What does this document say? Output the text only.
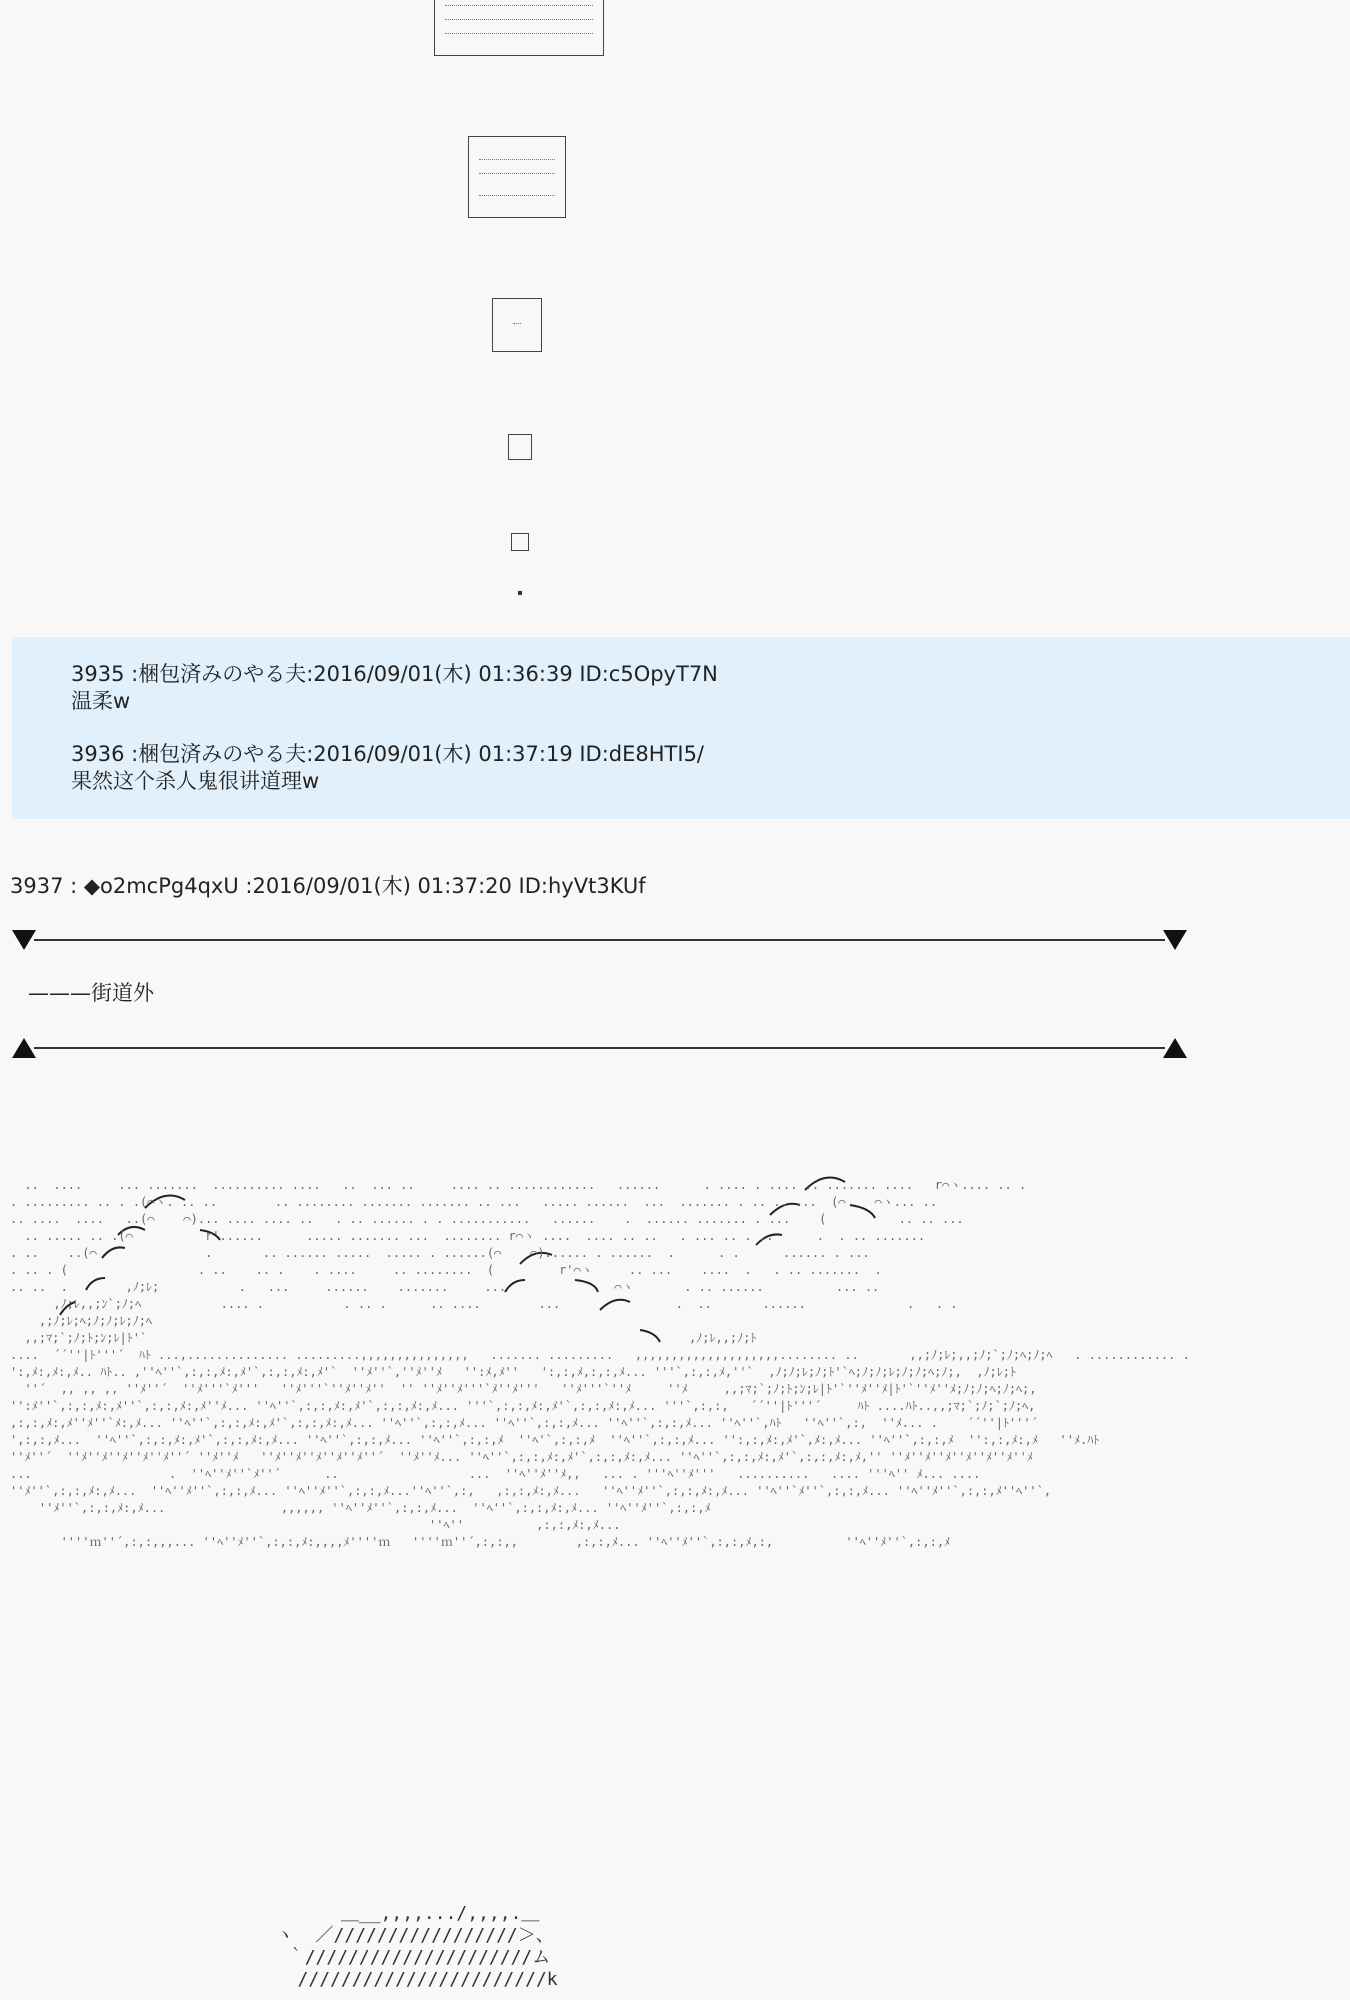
3935 :梱包済みのやる夫:2016/09/01(木) 01:36:39 ID:c5OpyT7N
温柔w
3936 :梱包済みのやる夫:2016/09/01(木) 01:37:19 ID:dE8HTI5/
果然这个杀人鬼很讲道理w
3937 : ◆o2mcPg4qxU :2016/09/01(木) 01:37:20 ID:hyVt3KUf
———街道外
..  ....     ... .......  .......... ....   ..  ... ..     .... .. ............   ......      . .... . .... .. ....... ....   r⌒ヽ.... .. .
. ......... .. . .(⌒ヽ. .. ..        .. ........ ....... ....... .. ...   ..... ......  ...  ....... . .. .. ...  (⌒    ⌒ヽ... ..
.. ....  ....   ..(⌒    ⌒)... .... .... ..   . .. ...... . . ...........   ......    .  ...... ....... . ...    (          .. .. ...
.. ..... .. .(⌒          r'......      ..... ....... ...  ........ r⌒ヽ ....  .... .. ..   . ... .. . ..      .  . .. .......
. ..    ..(⌒               .       .. ...... .....  ..... . ......(⌒    ⌒)...... . ......  .      . .      ...... . ...
. .. . (                  . ..    .. .    . ....     .. ........  (         r'⌒ヽ     .. ...    ....  .   . .. .......  .
.. ..  .        ,ﾉ;ﾚ;           .   ...     ......    .......     ...               ⌒ヽ       . .. ......          ... ..
,ﾉ;ﾚ,,;ﾝ`;ﾉ;ﾍ           .... .           . .. .      .. ....        ...                .  ..       ......              .   . .
,;ﾉ;ﾚ;ﾍ;ﾉ;ﾉ;ﾚ;ﾉ;ﾍ
,,;ﾏ;`;ﾉ;ﾄ;ﾝ;ﾚ|ﾄ'`                                                                           ,ﾉ;ﾚ,,;ﾉ;ﾄ
....  ´´''|ﾄ'''´  ﾊﾄ ...,.............. .........,,,,,,,,,,,,,,,   ....... .........   ,,,,,,,,,,,,,,,,,,,,........ ..       ,,;ﾉ;ﾚ;,,;ﾉ;`;ﾉ;ﾍ;ﾉ;ﾍ   . ............ .
':,ﾒ:,ﾒ:,ﾒ.. ﾊﾄ.. ,''ﾍ''`,:,:,ﾒ:,ﾒ'`,:,:,ﾒ:,ﾒ'`  ''ﾒ''`,''ﾒ''ﾒ   '':ﾒ,ﾒ''   ':,:,ﾒ,:,:,ﾒ... '''`,:,:,ﾒ,''`  ,ﾉ;ﾉ;ﾚ;ﾉ;ﾄ'`ﾍ;ﾉ;ﾉ;ﾚ;ﾉ;ﾉ;ﾍ;ﾉ;,  ,ﾉ;ﾚ;ﾄ
''´  ,, ,, ,, ''ﾒ''´  ''ﾒ'''`ﾒ'''   ''ﾒ'''`''ﾒ''ﾒ''  '' ''ﾒ''ﾒ'''`ﾒ''ﾒ'''   ''ﾒ'''`''ﾒ     ''ﾒ     ,,;ﾏ;`;ﾉ;ﾄ;ﾝ;ﾚ|ﾄ'`''ﾒ''ﾒ|ﾄ'`''ﾒ''ﾒ;ﾉ;ﾉ;ﾍ;ﾉ;ﾍ;,
'':ﾒ''`,:,:,ﾒ:,ﾒ''`,:,:,ﾒ:,ﾒ''ﾒ... ''ﾍ''`,:,:,ﾒ:,ﾒ'`,:,:,ﾒ:,ﾒ... '''`,:,:,ﾒ:,ﾒ'`,:,:,ﾒ:,ﾒ... '''`,:,:,   ´´''|ﾄ'''´     ﾊﾄ ....ﾊﾄ..,,;ﾏ;`;ﾉ;`;ﾉ;ﾍ,
,:,:,ﾒ:,ﾒ''ﾒ''`ﾒ:,ﾒ... ''ﾍ''`,:,:,ﾒ:,ﾒ'`,:,:,ﾒ:,ﾒ... ''ﾍ''`,:,:,ﾒ... ''ﾍ''`,:,:,ﾒ... ''ﾍ''`,:,:,ﾒ... ''ﾍ''`,ﾊﾄ   ''ﾍ''`,:,  ''ﾒ... .    ´´''|ﾄ'''´
',:,:,ﾒ...  ''ﾍ''`,:,:,ﾒ:,ﾒ'`,:,:,ﾒ:,ﾒ... ''ﾍ''`,:,:,ﾒ... ''ﾍ''`,:,:,ﾒ  ''ﾍ'`,:,:,ﾒ  ''ﾍ''`,:,:,ﾒ... '':,:,ﾒ:,ﾒ'`,ﾒ:,ﾒ... ''ﾍ''`,:,:,ﾒ  '':,:,ﾒ:,ﾒ   ''ﾒ.ﾊﾄ
''ﾒ''´  ''ﾒ''ﾒ''ﾒ''ﾒ''ﾒ''´ ''ﾒ''ﾒ   ''ﾒ''ﾒ''ﾒ''ﾒ''ﾒ''´  ''ﾒ''ﾒ... ''ﾍ''`,:,:,ﾒ:,ﾒ'`,:,:,ﾒ:,ﾒ... ''ﾍ''`,:,:,ﾒ:,ﾒ'`,:,:,ﾒ:,ﾒ,'' ''ﾒ''ﾒ''ﾒ''ﾒ''ﾒ''ﾒ''ﾒ
...                   .  ''ﾍ''ﾒ''`ﾒ''´      ..                  ...  ''ﾍ''ﾒ''ﾒ,,   ... . '''ﾍ''ﾒ'''   ..........   .... '''ﾍ'' ﾒ... ....
''ﾒ''`,:,:,ﾒ:,ﾒ...  ''ﾍ''ﾒ''`,:,:,ﾒ... ''ﾍ''ﾒ''`,:,:,ﾒ...''ﾍ''`,:,   ,:,:,ﾒ:,ﾒ...   ''ﾍ''ﾒ''`,:,:,ﾒ:,ﾒ... ''ﾍ''`ﾒ''`,:,:,ﾒ... ''ﾍ''ﾒ''`,:,:,ﾒ''ﾍ''`,
''ﾒ''`,:,:,ﾒ:,ﾒ...                ,,,,,, ''ﾍ''ﾒ''`,:,:,ﾒ...  ''ﾍ''`,:,:,ﾒ:,ﾒ... ''ﾍ''ﾒ''`,:,:,ﾒ
''ﾍ''          ,:,:,ﾒ:,ﾒ...
''''ｍ''´,:,:,,,... ''ﾍ''ﾒ''`,:,:,ﾒ:,,,,ﾒ''''ｍ   ''''ｍ''´,:,:,,        ,:,:,ﾒ... ''ﾍ''ﾒ''`,:,:,ﾒ,:,          ''ﾍ''ﾒ''`,:,:,ﾒ
＿__,,,,.../,,,,.＿
ヽ  ／/////////////////＞、
｀/////////////////////ム
///////////////////////k
